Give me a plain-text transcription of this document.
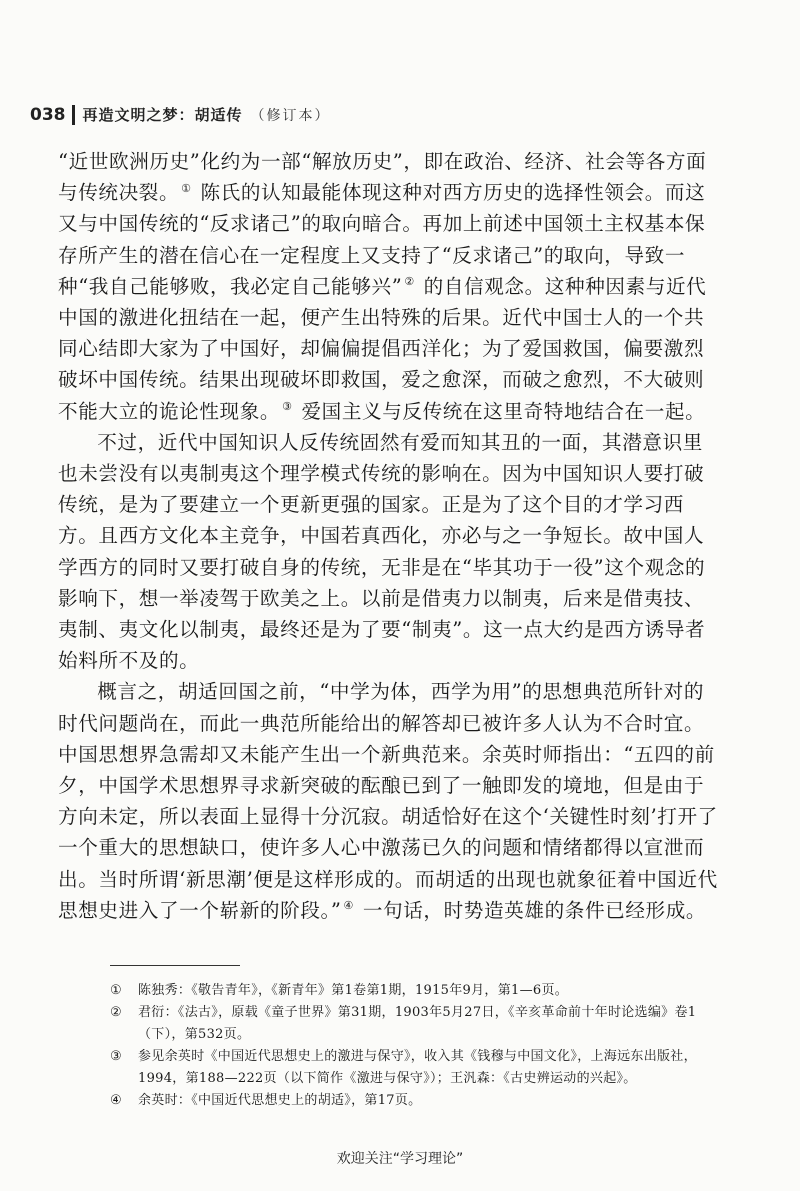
038 再造文明之梦：胡适传 （修订本）

“近世欧洲历史”化约为一部“解放历史”，即在政治、经济、社会等各方面与传统决裂。 ① 陈氏的认知最能体现这种对西方历史的选择性领会。而这又与中国传统的“反求诸己”的取向暗合。再加上前述中国领土主权基本保存所产生的潜在信心在一定程度上又支持了“反求诸己”的取向，导致一种“我自己能够败，我必定自己能够兴” ② 的自信观念。这种种因素与近代中国的激进化扭结在一起，便产生出特殊的后果。近代中国士人的一个共同心结即大家为了中国好，却偏偏提倡西洋化；为了爱国救国，偏要激烈破坏中国传统。结果出现破坏即救国，爱之愈深，而破之愈烈，不大破则不能大立的诡论性现象。 ③ 爱国主义与反传统在这里奇特地结合在一起。

不过，近代中国知识人反传统固然有爱而知其丑的一面，其潜意识里也未尝没有以夷制夷这个理学模式传统的影响在。因为中国知识人要打破传统，是为了要建立一个更新更强的国家。正是为了这个目的才学习西方。且西方文化本主竞争，中国若真西化，亦必与之一争短长。故中国人学西方的同时又要打破自身的传统，无非是在“毕其功于一役”这个观念的影响下，想一举凌驾于欧美之上。以前是借夷力以制夷，后来是借夷技、夷制、夷文化以制夷，最终还是为了要“制夷”。这一点大约是西方诱导者始料所不及的。

概言之，胡适回国之前，“中学为体，西学为用”的思想典范所针对的时代问题尚在，而此一典范所能给出的解答却已被许多人认为不合时宜。中国思想界急需却又未能产生出一个新典范来。余英时师指出：“五四的前夕，中国学术思想界寻求新突破的酝酿已到了一触即发的境地，但是由于方向未定，所以表面上显得十分沉寂。胡适恰好在这个‘关键性时刻’打开了一个重大的思想缺口，使许多人心中激荡已久的问题和情绪都得以宣泄而出。当时所谓‘新思潮’便是这样形成的。而胡适的出现也就象征着中国近代思想史进入了一个崭新的阶段。” ④ 一句话，时势造英雄的条件已经形成。

①	陈独秀：《敬告青年》，《新青年》第1卷第1期，1915年9月，第1—6页。
②	君衍：《法古》，原载《童子世界》第31期，1903年5月27日，《辛亥革命前十年时论选编》卷1（下），第532页。
③	参见余英时《中国近代思想史上的激进与保守》，收入其《钱穆与中国文化》，上海远东出版社，1994，第188—222页（以下简作《激进与保守》）；王汎森：《古史辨运动的兴起》。
④	余英时：《中国近代思想史上的胡适》，第17页。
欢迎关注“学习理论”
